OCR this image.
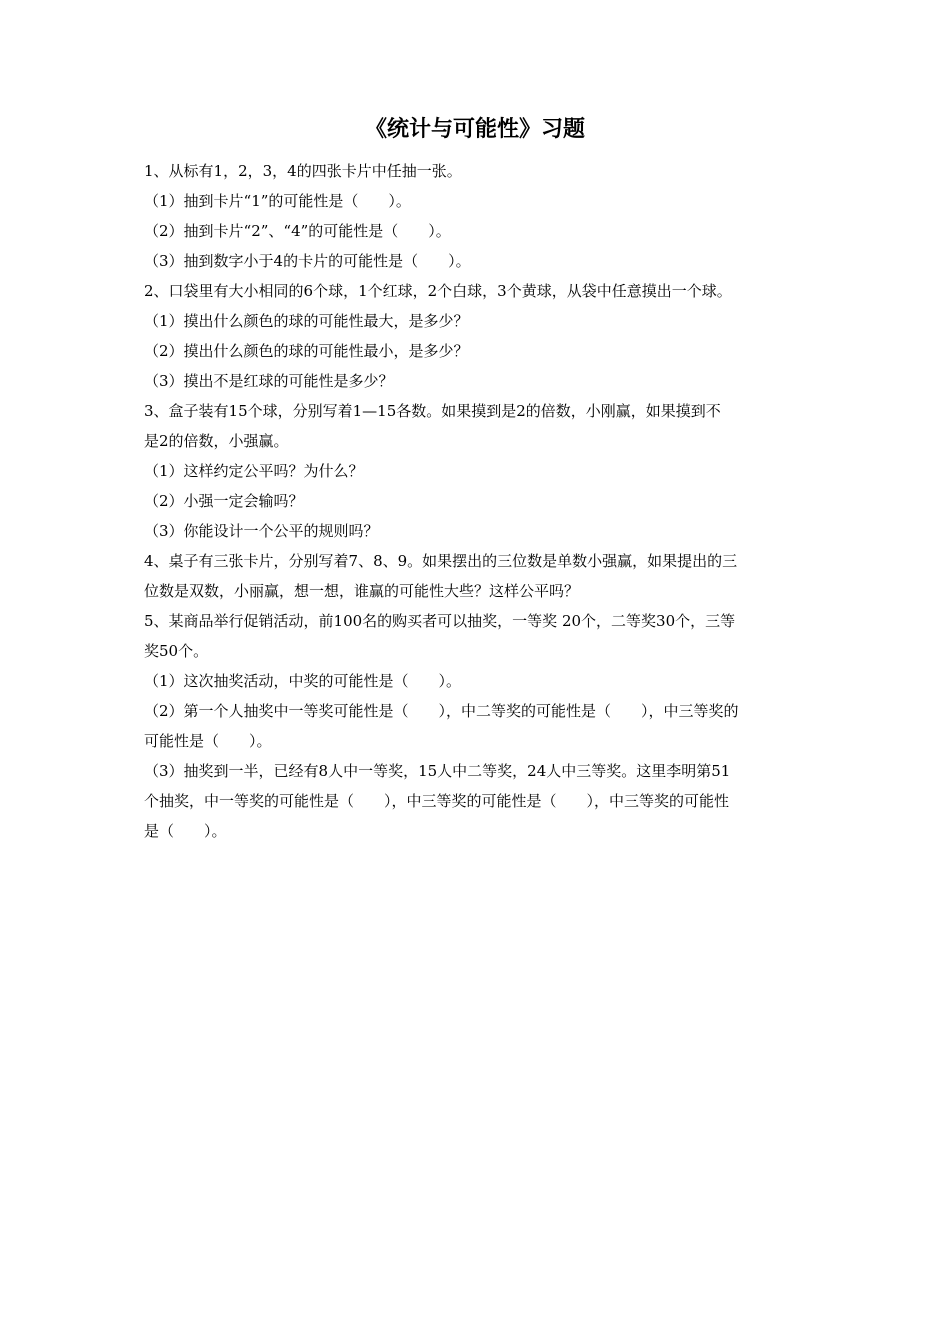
《统计与可能性》习题
1、从标有1，2，3，4的四张卡片中任抽一张。
（1）抽到卡片“1”的可能性是（　　）。
（2）抽到卡片“2”、“4”的可能性是（　　）。
（3）抽到数字小于4的卡片的可能性是（　　）。
2、口袋里有大小相同的6个球，1个红球，2个白球，3个黄球，从袋中任意摸出一个球。
（1）摸出什么颜色的球的可能性最大，是多少？
（2）摸出什么颜色的球的可能性最小，是多少？
（3）摸出不是红球的可能性是多少？
3、盒子装有15个球，分别写着1—15各数。如果摸到是2的倍数，小刚赢，如果摸到不
是2的倍数，小强赢。
（1）这样约定公平吗？为什么？
（2）小强一定会输吗？
（3）你能设计一个公平的规则吗？
4、桌子有三张卡片，分别写着7、8、9。如果摆出的三位数是单数小强赢，如果提出的三
位数是双数，小丽赢，想一想，谁赢的可能性大些？这样公平吗？
5、某商品举行促销活动，前100名的购买者可以抽奖，一等奖 20个，二等奖30个，三等
奖50个。
（1）这次抽奖活动，中奖的可能性是（　　）。
（2）第一个人抽奖中一等奖可能性是（　　），中二等奖的可能性是（　　），中三等奖的
可能性是（　　）。
（3）抽奖到一半，已经有8人中一等奖，15人中二等奖，24人中三等奖。这里李明第51
个抽奖，中一等奖的可能性是（　　），中三等奖的可能性是（　　），中三等奖的可能性
是（　　）。
